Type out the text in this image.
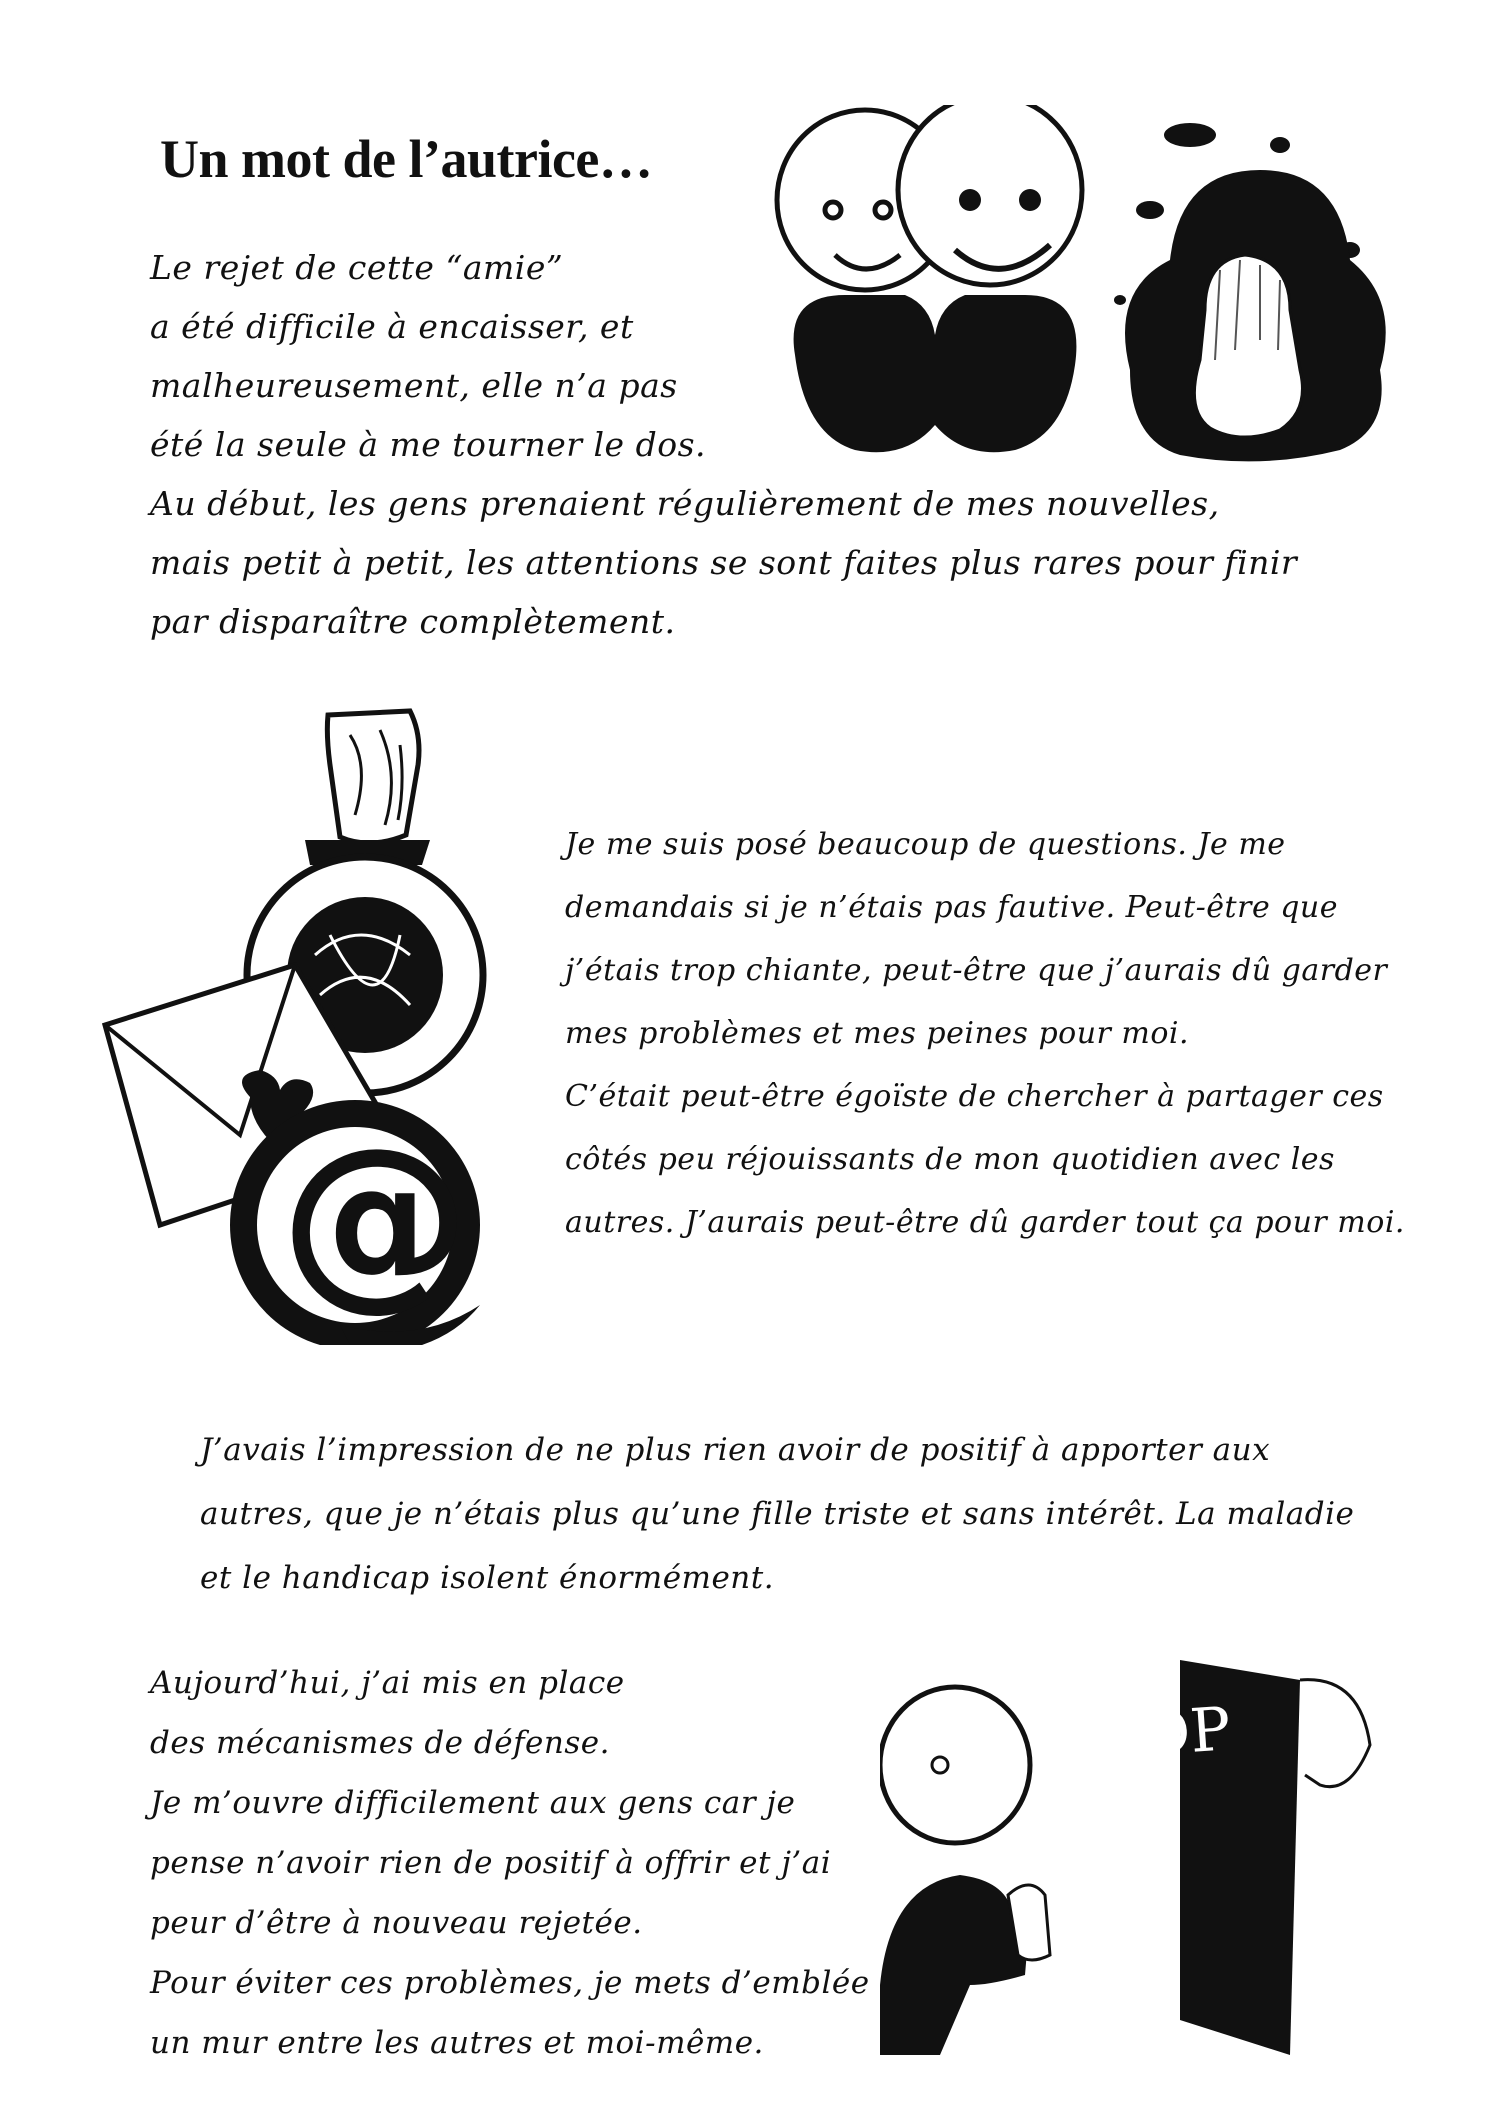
Un mot de l’autrice…
@
STOP
Le rejet de cette “amie”
a été difficile à encaisser, et
malheureusement, elle n’a pas
été la seule à me tourner le dos.
Au début, les gens prenaient régulièrement de mes nouvelles,
mais petit à petit, les attentions se sont faites plus rares pour finir
par disparaître complètement.
Je me suis posé beaucoup de questions. Je me
demandais si je n’étais pas fautive. Peut-être que
j’étais trop chiante, peut-être que j’aurais dû garder
mes problèmes et mes peines pour moi.
C’était peut-être égoïste de chercher à partager ces
côtés peu réjouissants de mon quotidien avec les
autres. J’aurais peut-être dû garder tout ça pour moi.
J’avais l’impression de ne plus rien avoir de positif à apporter aux
autres, que je n’étais plus qu’une fille triste et sans intérêt. La maladie
et le handicap isolent énormément.
Aujourd’hui, j’ai mis en place
des mécanismes de défense.
Je m’ouvre difficilement aux gens car je
pense n’avoir rien de positif à offrir et j’ai
peur d’être à nouveau rejetée.
Pour éviter ces problèmes, je mets d’emblée
un mur entre les autres et moi-même.
